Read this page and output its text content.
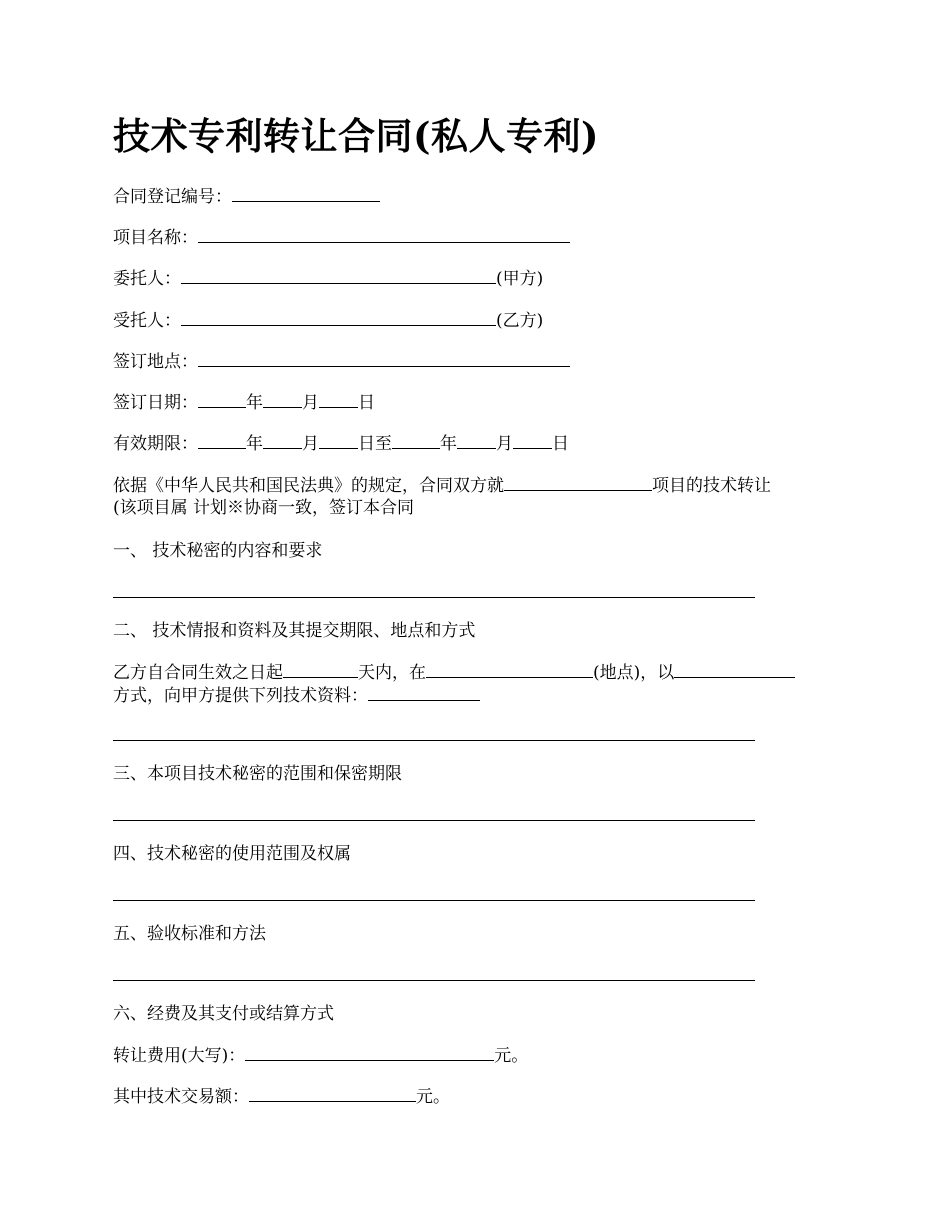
技术专利转让合同(私人专利)
合同登记编号：
项目名称：
委托人：	(甲方)
受托人：	(乙方)
签订地点：
签订日期：	年 月 日
有效期限：	年 月 日至	年 月 日
依据《中华人民共和国民法典》的规定，合同双方就	项目的技术转让
(该项目属 计划※协商一致，签订本合同
一、 技术秘密的内容和要求
二、 技术情报和资料及其提交期限、地点和方式
乙方自合同生效之日起	天内，在	(地点)，以
方式，向甲方提供下列技术资料：
三、本项目技术秘密的范围和保密期限
四、技术秘密的使用范围及权属
五、验收标准和方法
六、经费及其支付或结算方式
转让费用(大写)：	元。
其中技术交易额：	元。
